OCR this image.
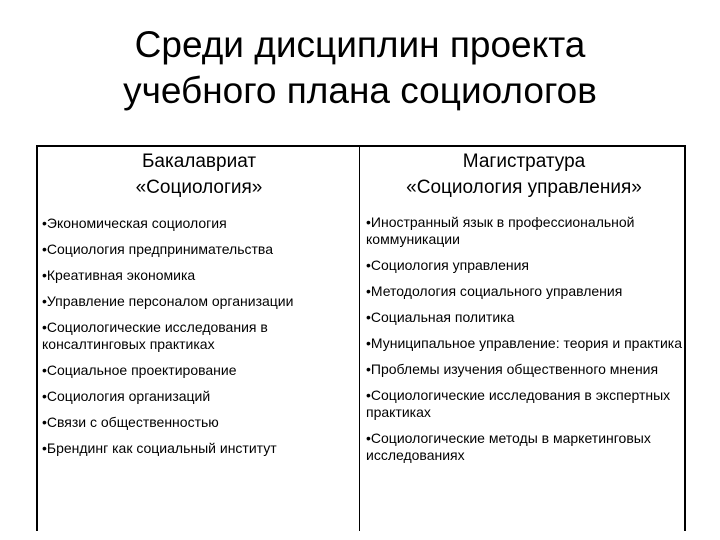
Среди дисциплин проекта
учебного плана социологов
Бакалавриат
«Социология»
•Экономическая социология
•Социология предпринимательства
•Креативная экономика
•Управление персоналом организации
•Социологические исследования в консалтинговых практиках
•Социальное проектирование
•Социология организаций
•Связи с общественностью
•Брендинг как социальный институт
Магистратура
«Социология управления»
•Иностранный язык в профессиональной коммуникации
•Социология управления
•Методология социального управления
•Социальная политика
•Муниципальное управление: теория и практика
•Проблемы изучения общественного мнения
•Социологические исследования в экспертных практиках
•Социологические методы в маркетинговых исследованиях
